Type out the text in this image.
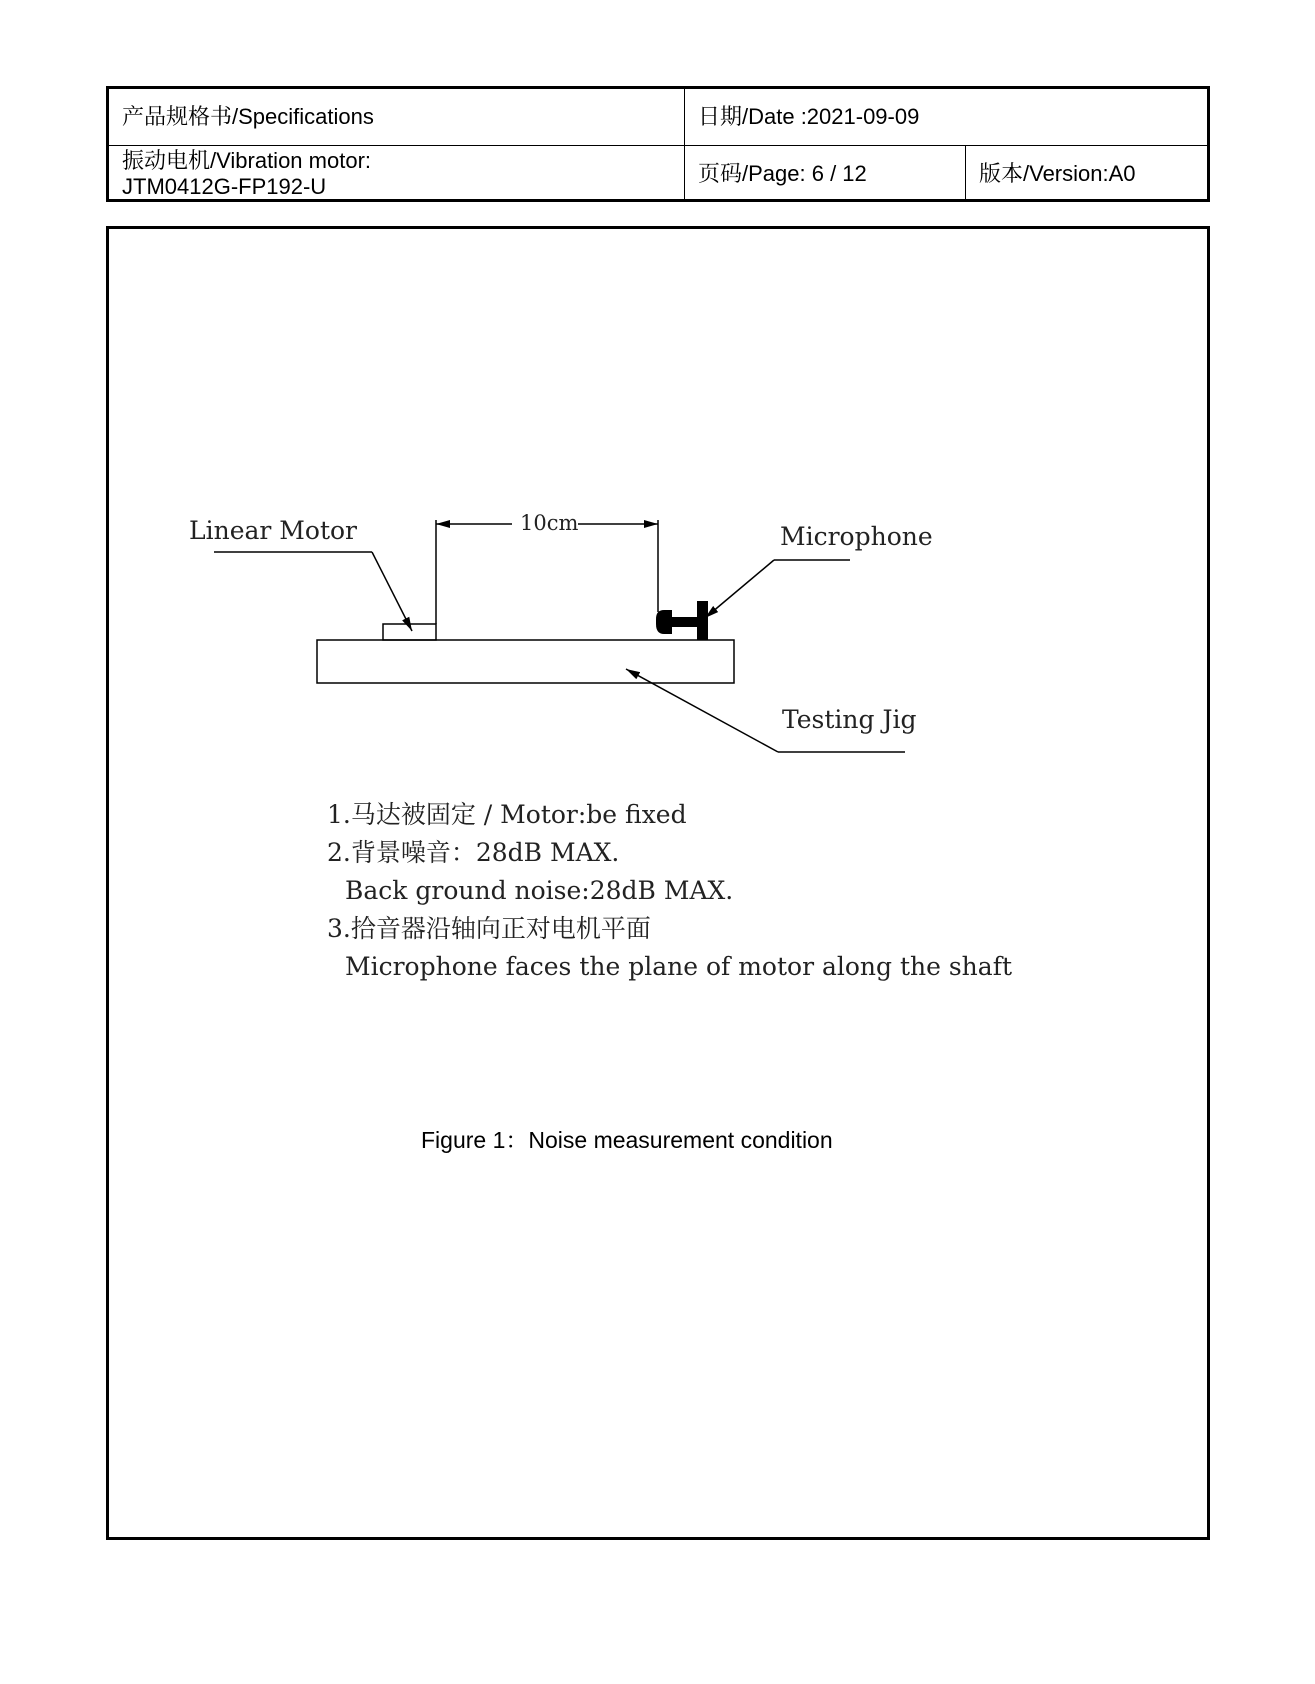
产品规格书/Specifications	日期/Date :2021-09-09
振动电机/Vibration motor:
JTM0412G-FP192-U
页码/Page: 6 / 12	版本/Version:A0
Linear Motor	10cm	Microphone
Testing Jig
1.马达被固定 / Motor:be fixed
2.背景噪音：28dB MAX.
Back ground noise:28dB MAX.
3.拾音器沿轴向正对电机平面
Microphone faces the plane of motor along the shaft
Figure 1：Noise measurement condition
